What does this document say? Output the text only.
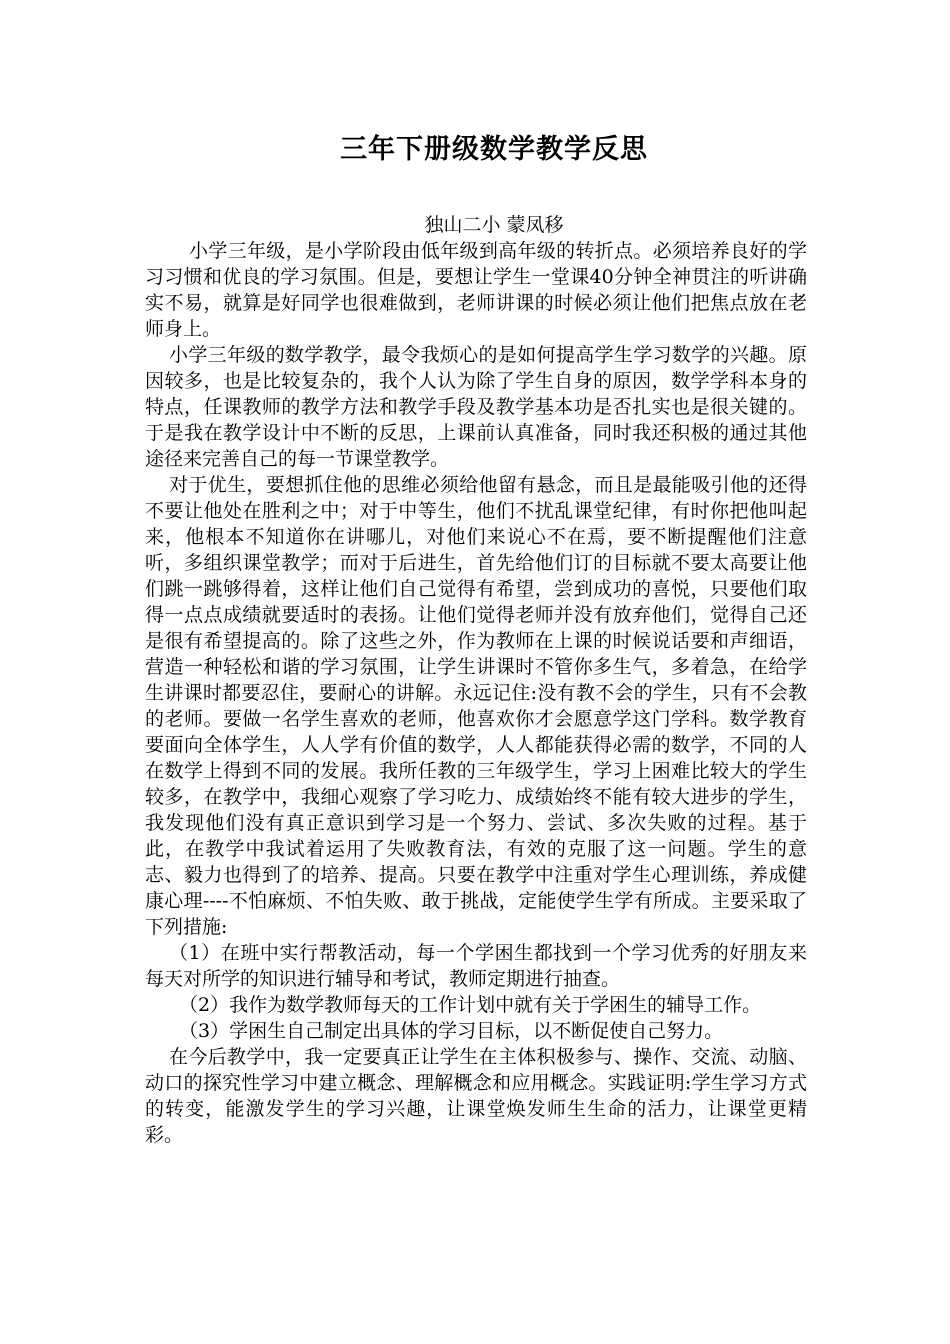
三年下册级数学教学反思

独山二小 蒙凤移

小学三年级，是小学阶段由低年级到高年级的转折点。必须培养良好的学习习惯和优良的学习氛围。但是，要想让学生一堂课40分钟全神贯注的听讲确实不易，就算是好同学也很难做到，老师讲课的时候必须让他们把焦点放在老师身上。

小学三年级的数学教学，最令我烦心的是如何提高学生学习数学的兴趣。原因较多，也是比较复杂的，我个人认为除了学生自身的原因，数学学科本身的特点，任课教师的教学方法和教学手段及教学基本功是否扎实也是很关键的。于是我在教学设计中不断的反思，上课前认真准备，同时我还积极的通过其他途径来完善自己的每一节课堂教学。

对于优生，要想抓住他的思维必须给他留有悬念，而且是最能吸引他的还得不要让他处在胜利之中；对于中等生，他们不扰乱课堂纪律，有时你把他叫起来，他根本不知道你在讲哪儿，对他们来说心不在焉，要不断提醒他们注意听，多组织课堂教学；而对于后进生，首先给他们订的目标就不要太高要让他们跳一跳够得着，这样让他们自己觉得有希望，尝到成功的喜悦，只要他们取得一点点成绩就要适时的表扬。让他们觉得老师并没有放弃他们，觉得自己还是很有希望提高的。除了这些之外，作为教师在上课的时候说话要和声细语，营造一种轻松和谐的学习氛围，让学生讲课时不管你多生气，多着急，在给学生讲课时都要忍住，要耐心的讲解。永远记住:没有教不会的学生，只有不会教的老师。要做一名学生喜欢的老师，他喜欢你才会愿意学这门学科。数学教育要面向全体学生，人人学有价值的数学，人人都能获得必需的数学，不同的人在数学上得到不同的发展。我所任教的三年级学生，学习上困难比较大的学生较多，在教学中，我细心观察了学习吃力、成绩始终不能有较大进步的学生，我发现他们没有真正意识到学习是一个努力、尝试、多次失败的过程。基于此，在教学中我试着运用了失败教育法，有效的克服了这一问题。学生的意志、毅力也得到了的培养、提高。只要在教学中注重对学生心理训练，养成健康心理----不怕麻烦、不怕失败、敢于挑战，定能使学生学有所成。主要采取了下列措施:

（1）在班中实行帮教活动，每一个学困生都找到一个学习优秀的好朋友来每天对所学的知识进行辅导和考试，教师定期进行抽查。

（2）我作为数学教师每天的工作计划中就有关于学困生的辅导工作。

（3）学困生自己制定出具体的学习目标，以不断促使自己努力。

在今后教学中，我一定要真正让学生在主体积极参与、操作、交流、动脑、动口的探究性学习中建立概念、理解概念和应用概念。实践证明:学生学习方式的转变，能激发学生的学习兴趣，让课堂焕发师生生命的活力，让课堂更精彩。
